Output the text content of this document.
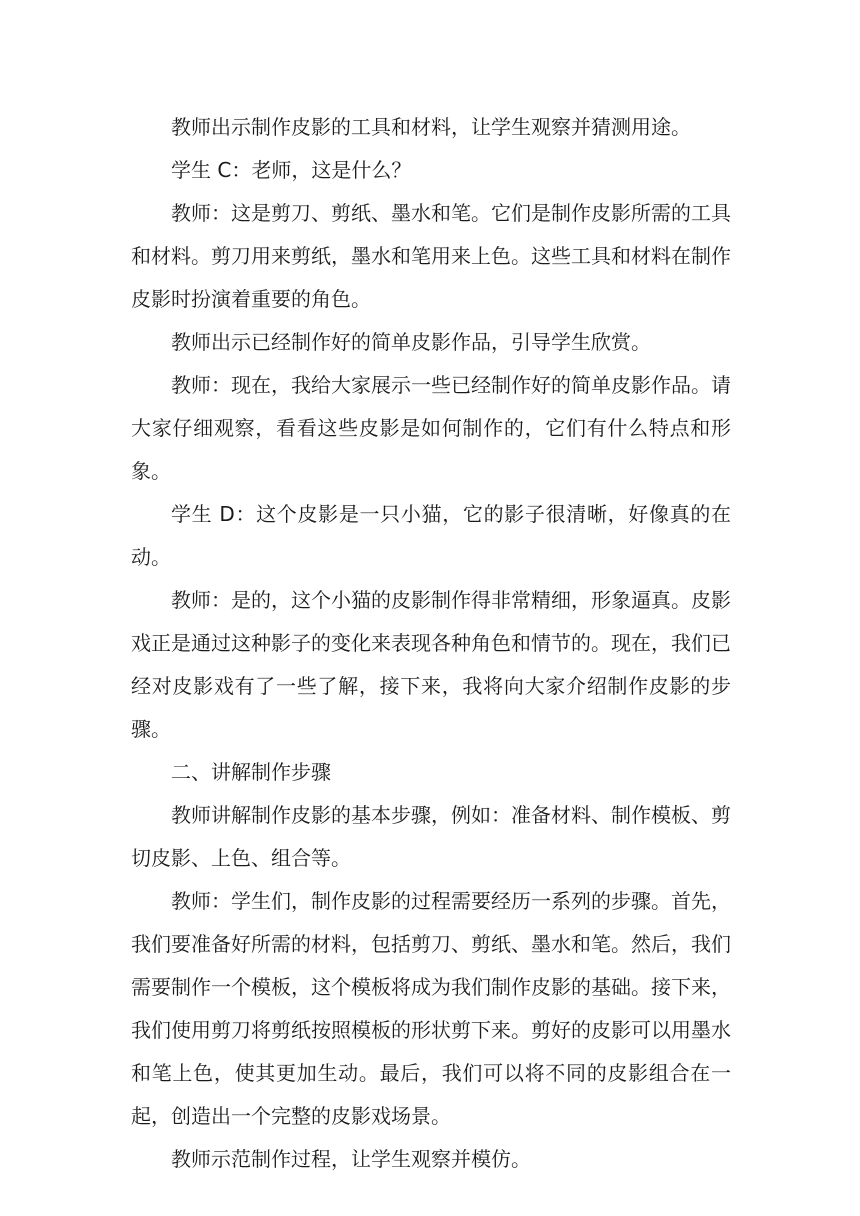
教师出示制作皮影的工具和材料，让学生观察并猜测用途。

学生 C：老师，这是什么？

教师：这是剪刀、剪纸、墨水和笔。它们是制作皮影所需的工具和材料。剪刀用来剪纸，墨水和笔用来上色。这些工具和材料在制作皮影时扮演着重要的角色。

教师出示已经制作好的简单皮影作品，引导学生欣赏。

教师：现在，我给大家展示一些已经制作好的简单皮影作品。请大家仔细观察，看看这些皮影是如何制作的，它们有什么特点和形象。

学生 D：这个皮影是一只小猫，它的影子很清晰，好像真的在动。

教师：是的，这个小猫的皮影制作得非常精细，形象逼真。皮影戏正是通过这种影子的变化来表现各种角色和情节的。现在，我们已经对皮影戏有了一些了解，接下来，我将向大家介绍制作皮影的步骤。

二、讲解制作步骤

教师讲解制作皮影的基本步骤，例如：准备材料、制作模板、剪切皮影、上色、组合等。

教师：学生们，制作皮影的过程需要经历一系列的步骤。首先，我们要准备好所需的材料，包括剪刀、剪纸、墨水和笔。然后，我们需要制作一个模板，这个模板将成为我们制作皮影的基础。接下来，我们使用剪刀将剪纸按照模板的形状剪下来。剪好的皮影可以用墨水和笔上色，使其更加生动。最后，我们可以将不同的皮影组合在一起，创造出一个完整的皮影戏场景。

教师示范制作过程，让学生观察并模仿。
